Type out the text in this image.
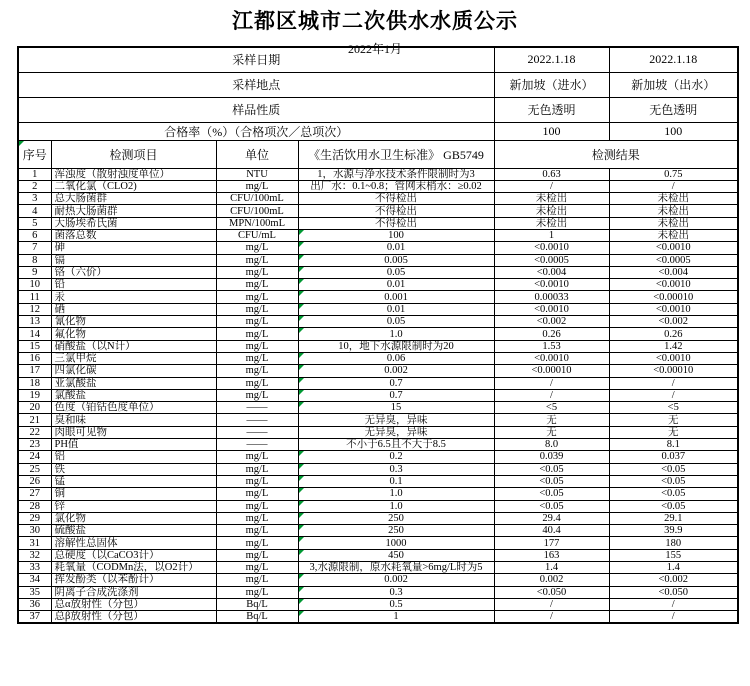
江都区城市二次供水水质公示
2022年1月
采样日期				2022.1.18	2022.1.18
采样地点				新加坡（进水）	新加坡（出水）
样品性质				无色透明	无色透明
合格率（%）（合格项次／总项次）				100	100

序号	检测项目	单位	《生活饮用水卫生标准》 GB5749	检测结果	
1	浑浊度（散射浊度单位）	NTU	1，水源与净水技术条件限制时为3	0.63	0.75
2	二氧化氯（CLO2)	mg/L	出厂水：0.1~0.8；管网末梢水：≥0.02	/	/
3	总大肠菌群	CFU/100mL	不得检出	未检出	未检出
4	耐热大肠菌群	CFU/100mL	不得检出	未检出	未检出
5	大肠埃希氏菌	MPN/100mL	不得检出	未检出	未检出
6	菌落总数	CFU/mL	100	1	未检出
7	砷	mg/L	0.01	<0.0010	<0.0010
8	镉	mg/L	0.005	<0.0005	<0.0005
9	铬（六价）	mg/L	0.05	<0.004	<0.004
10	铅	mg/L	0.01	<0.0010	<0.0010
11	汞	mg/L	0.001	0.00033	<0.00010
12	硒	mg/L	0.01	<0.0010	<0.0010
13	氰化物	mg/L	0.05	<0.002	<0.002
14	氟化物	mg/L	1.0	0.26	0.26
15	硝酸盐（以N计）	mg/L	10，地下水源限制时为20	1.53	1.42
16	三氯甲烷	mg/L	0.06	<0.0010	<0.0010
17	四氯化碳	mg/L	0.002	<0.00010	<0.00010
18	亚氯酸盐	mg/L	0.7	/	/
19	氯酸盐	mg/L	0.7	/	/
20	色度（铂钴色度单位）	——	15	<5	<5
21	臭和味	——	无异臭，异味	无	无
22	肉眼可见物	——	无异臭，异味	无	无
23	PH值	——	不小于6.5且不大于8.5	8.0	8.1
24	铝	mg/L	0.2	0.039	0.037
25	铁	mg/L	0.3	<0.05	<0.05
26	锰	mg/L	0.1	<0.05	<0.05
27	铜	mg/L	1.0	<0.05	<0.05
28	锌	mg/L	1.0	<0.05	<0.05
29	氯化物	mg/L	250	29.4	29.1
30	硫酸盐	mg/L	250	40.4	39.9
31	溶解性总固体	mg/L	1000	177	180
32	总硬度（以CaCO3计）	mg/L	450	163	155
33	耗氧量（CODMn法，以O2计）	mg/L	3,水源限制，原水耗氧量>6mg/L时为5	1.4	1.4
34	挥发酚类（以苯酚计）	mg/L	0.002	0.002	<0.002
35	阴离子合成洗涤剂	mg/L	0.3	<0.050	<0.050
36	总α放射性（分包）	Bq/L	0.5	/	/
37	总β放射性（分包）	Bq/L	1	/	/
